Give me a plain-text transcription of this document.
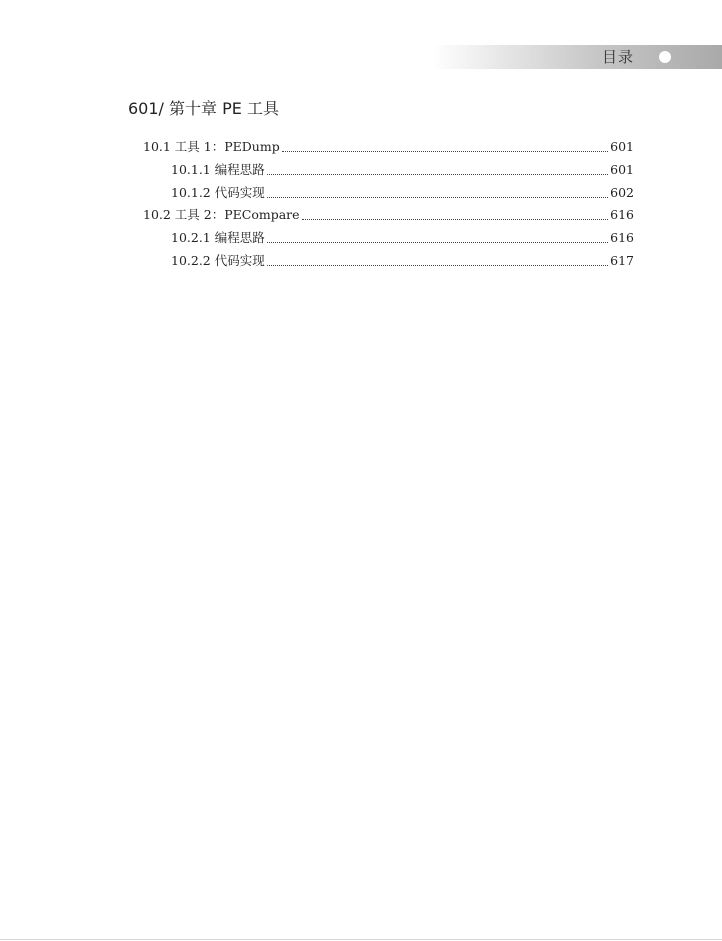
目录
601/ 第十章 PE 工具
10.1 工具 1：PEDump	601
10.1.1 编程思路	601
10.1.2 代码实现	602
10.2 工具 2：PECompare	616
10.2.1 编程思路	616
10.2.2 代码实现	617
